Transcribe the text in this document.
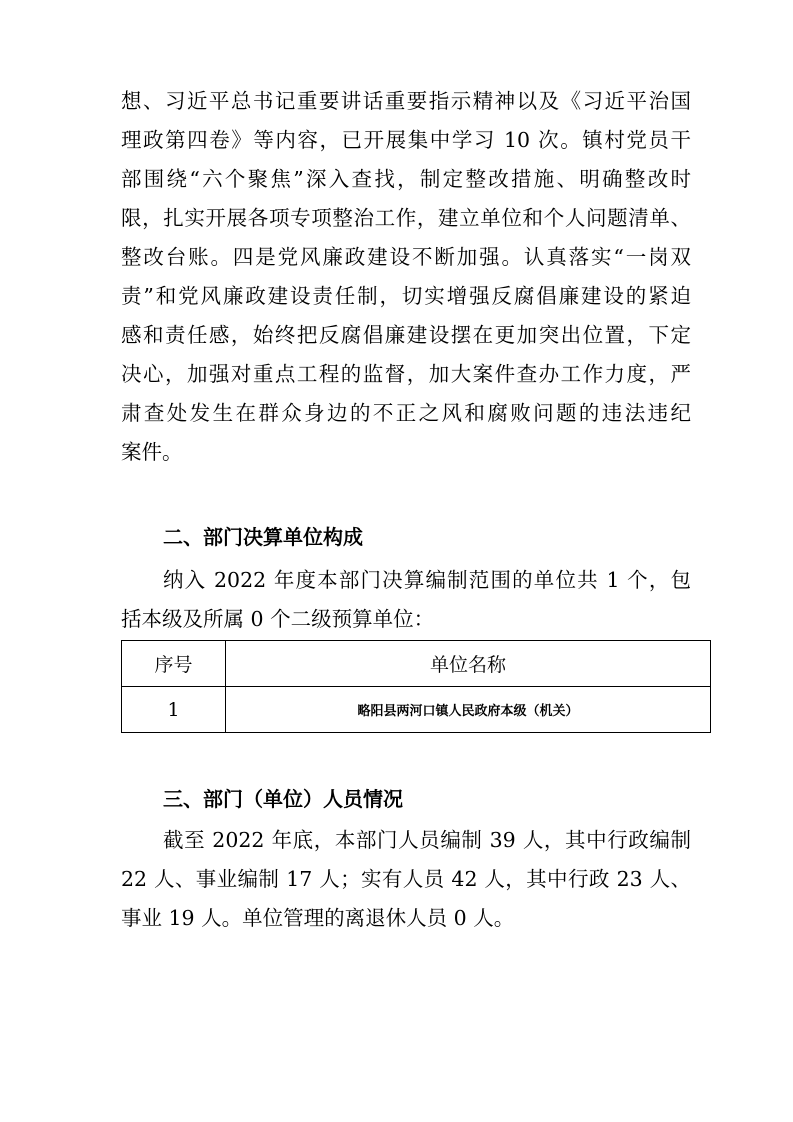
想、习近平总书记重要讲话重要指示精神以及《习近平治国
理政第四卷》等内容，已开展集中学习 10 次。镇村党员干
部围绕“六个聚焦”深入查找，制定整改措施、明确整改时
限，扎实开展各项专项整治工作，建立单位和个人问题清单、
整改台账。四是党风廉政建设不断加强。认真落实“一岗双
责”和党风廉政建设责任制，切实增强反腐倡廉建设的紧迫
感和责任感，始终把反腐倡廉建设摆在更加突出位置，下定
决心，加强对重点工程的监督，加大案件查办工作力度，严
肃查处发生在群众身边的不正之风和腐败问题的违法违纪
案件。
二、部门决算单位构成
纳入 2022 年度本部门决算编制范围的单位共 1 个，包
括本级及所属 0 个二级预算单位：
序号	单位名称
1	略阳县两河口镇人民政府本级（机关）
三、部门（单位）人员情况
截至 2022 年底，本部门人员编制 39 人，其中行政编制
22 人、事业编制 17 人；实有人员 42 人，其中行政 23 人、
事业 19 人。单位管理的离退休人员 0 人。
